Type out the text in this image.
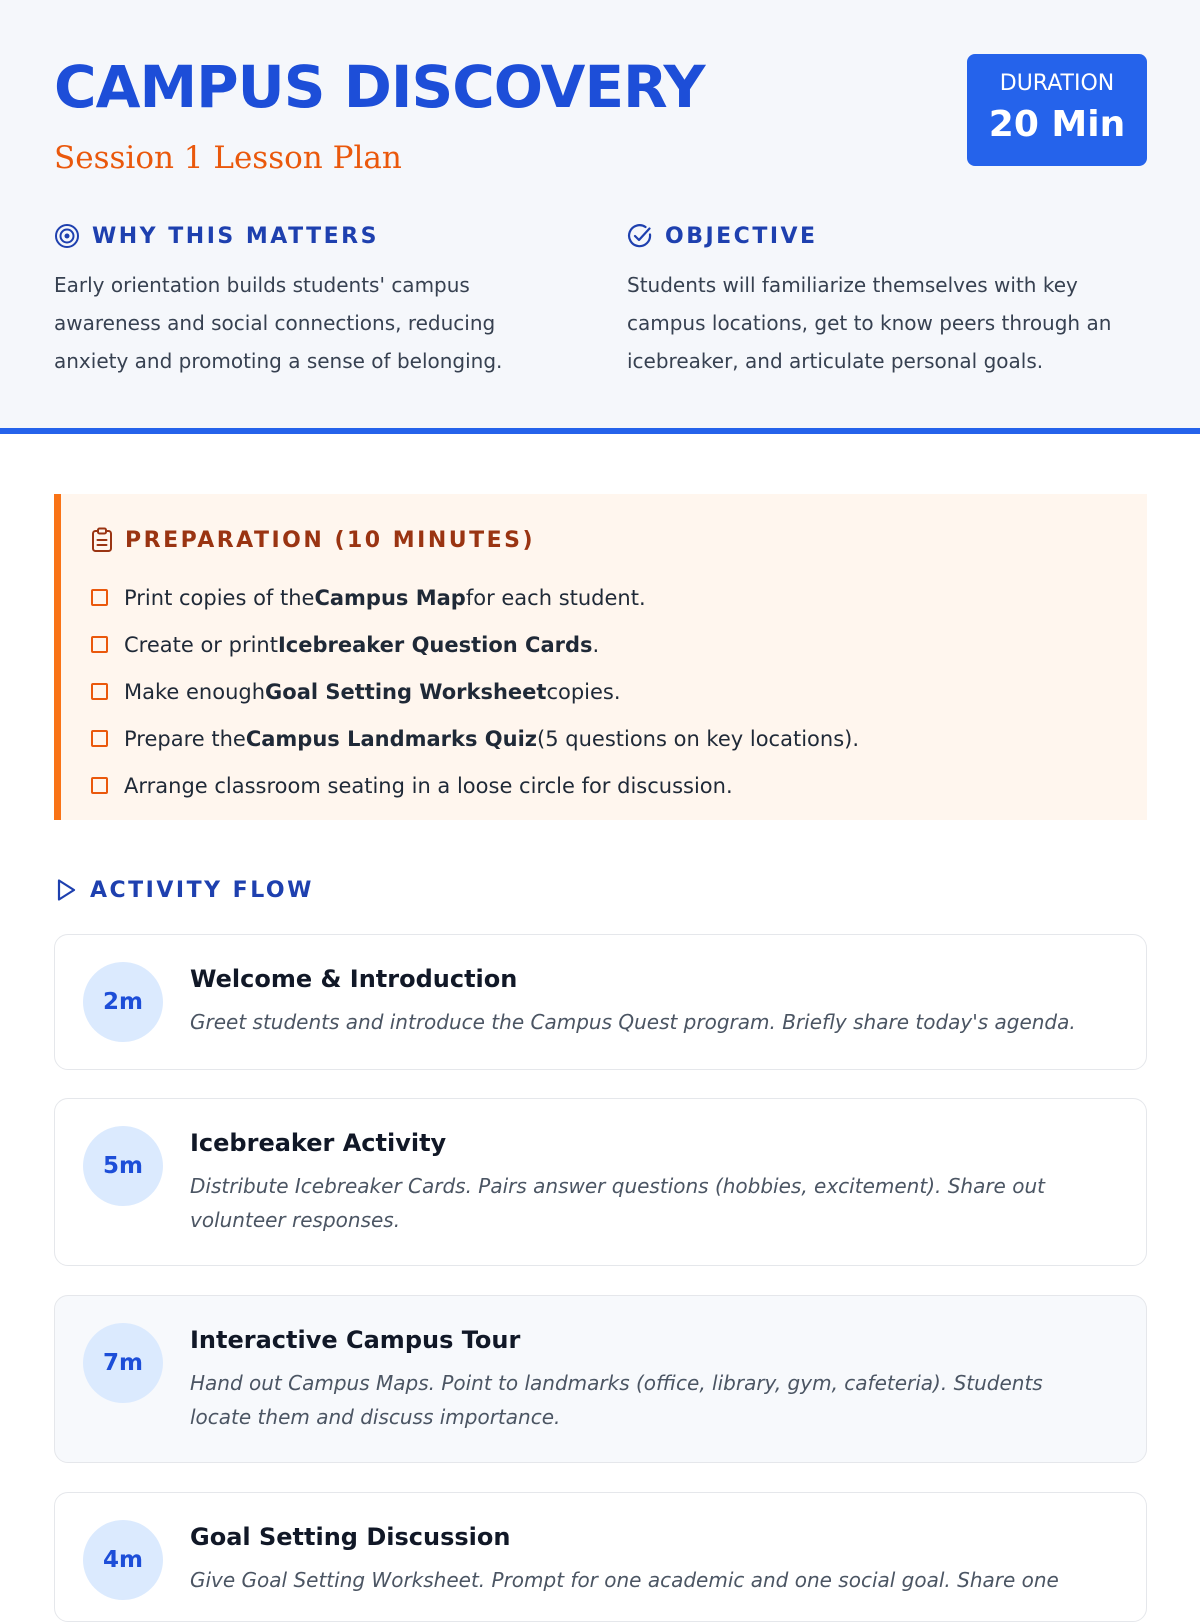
CAMPUS DISCOVERY
Session 1 Lesson Plan
DURATION
20 Min
WHY THIS MATTERS

Early orientation builds students' campus awareness and social connections, reducing anxiety and promoting a sense of belonging.

OBJECTIVE

Students will familiarize themselves with key campus locations, get to know peers through an icebreaker, and articulate personal goals.

PREPARATION (10 MINUTES)
Print copies of the Campus Map for each student.
Create or print Icebreaker Question Cards .
Make enough Goal Setting Worksheet copies.
Prepare the Campus Landmarks Quiz (5 questions on key locations).
Arrange classroom seating in a loose circle for discussion.
ACTIVITY FLOW
2m
Welcome & Introduction
Greet students and introduce the Campus Quest program. Briefly share today's agenda.
5m
Icebreaker Activity
Distribute Icebreaker Cards. Pairs answer questions (hobbies, excitement). Share out volunteer responses.
7m
Interactive Campus Tour
Hand out Campus Maps. Point to landmarks (office, library, gym, cafeteria). Students locate them and discuss importance.
4m
Goal Setting Discussion
Give Goal Setting Worksheet. Prompt for one academic and one social goal. Share one
